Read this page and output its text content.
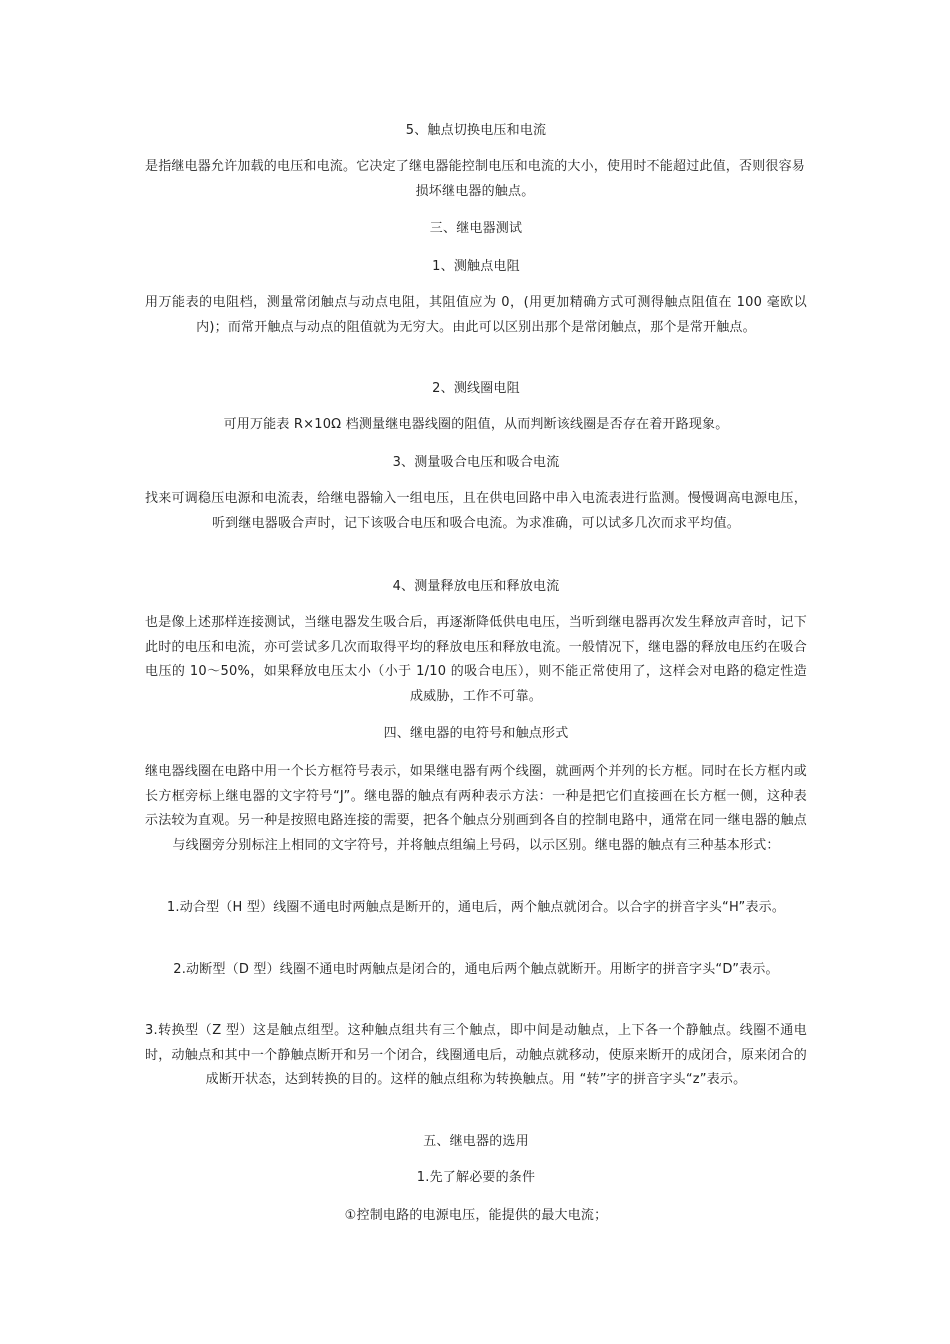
5、触点切换电压和电流

是指继电器允许加载的电压和电流。它决定了继电器能控制电压和电流的大小，使用时不能超过此值，否则很容易损坏继电器的触点。

三、继电器测试

1、测触点电阻

用万能表的电阻档，测量常闭触点与动点电阻，其阻值应为 0，(用更加精确方式可测得触点阻值在 100 毫欧以内)；而常开触点与动点的阻值就为无穷大。由此可以区别出那个是常闭触点，那个是常开触点。

2、测线圈电阻

可用万能表 R×10Ω 档测量继电器线圈的阻值，从而判断该线圈是否存在着开路现象。

3、测量吸合电压和吸合电流

找来可调稳压电源和电流表，给继电器输入一组电压，且在供电回路中串入电流表进行监测。慢慢调高电源电压，听到继电器吸合声时，记下该吸合电压和吸合电流。为求准确，可以试多几次而求平均值。

4、测量释放电压和释放电流

也是像上述那样连接测试，当继电器发生吸合后，再逐渐降低供电电压，当听到继电器再次发生释放声音时，记下此时的电压和电流，亦可尝试多几次而取得平均的释放电压和释放电流。一般情况下，继电器的释放电压约在吸合电压的 10～50%，如果释放电压太小（小于 1/10 的吸合电压），则不能正常使用了，这样会对电路的稳定性造成威胁，工作不可靠。

四、继电器的电符号和触点形式

继电器线圈在电路中用一个长方框符号表示，如果继电器有两个线圈，就画两个并列的长方框。同时在长方框内或长方框旁标上继电器的文字符号“J”。继电器的触点有两种表示方法：一种是把它们直接画在长方框一侧，这种表示法较为直观。另一种是按照电路连接的需要，把各个触点分别画到各自的控制电路中，通常在同一继电器的触点与线圈旁分别标注上相同的文字符号，并将触点组编上号码，以示区别。继电器的触点有三种基本形式：

1.动合型（H 型）线圈不通电时两触点是断开的，通电后，两个触点就闭合。以合字的拼音字头“H”表示。

2.动断型（D 型）线圈不通电时两触点是闭合的，通电后两个触点就断开。用断字的拼音字头“D”表示。

3.转换型（Z 型）这是触点组型。这种触点组共有三个触点，即中间是动触点，上下各一个静触点。线圈不通电时，动触点和其中一个静触点断开和另一个闭合，线圈通电后，动触点就移动，使原来断开的成闭合，原来闭合的成断开状态，达到转换的目的。这样的触点组称为转换触点。用 “转”字的拼音字头“z”表示。

五、继电器的选用

1.先了解必要的条件

①控制电路的电源电压，能提供的最大电流；
